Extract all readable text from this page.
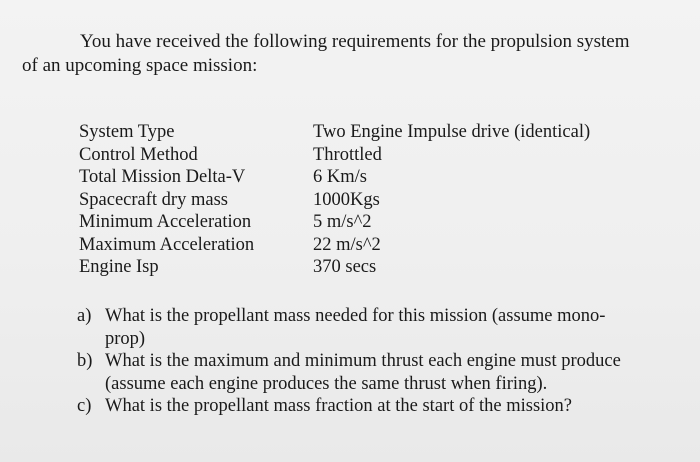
You have received the following requirements for the propulsion system
of an upcoming space mission:
System Type	Two Engine Impulse drive (identical)
Control Method	Throttled
Total Mission Delta-V	6 Km/s
Spacecraft dry mass	1000Kgs
Minimum Acceleration	5 m/s^2
Maximum Acceleration	22 m/s^2
Engine Isp	370 secs
a) What is the propellant mass needed for this mission (assume mono-
prop)
b) What is the maximum and minimum thrust each engine must produce
(assume each engine produces the same thrust when firing).
c) What is the propellant mass fraction at the start of the mission?
